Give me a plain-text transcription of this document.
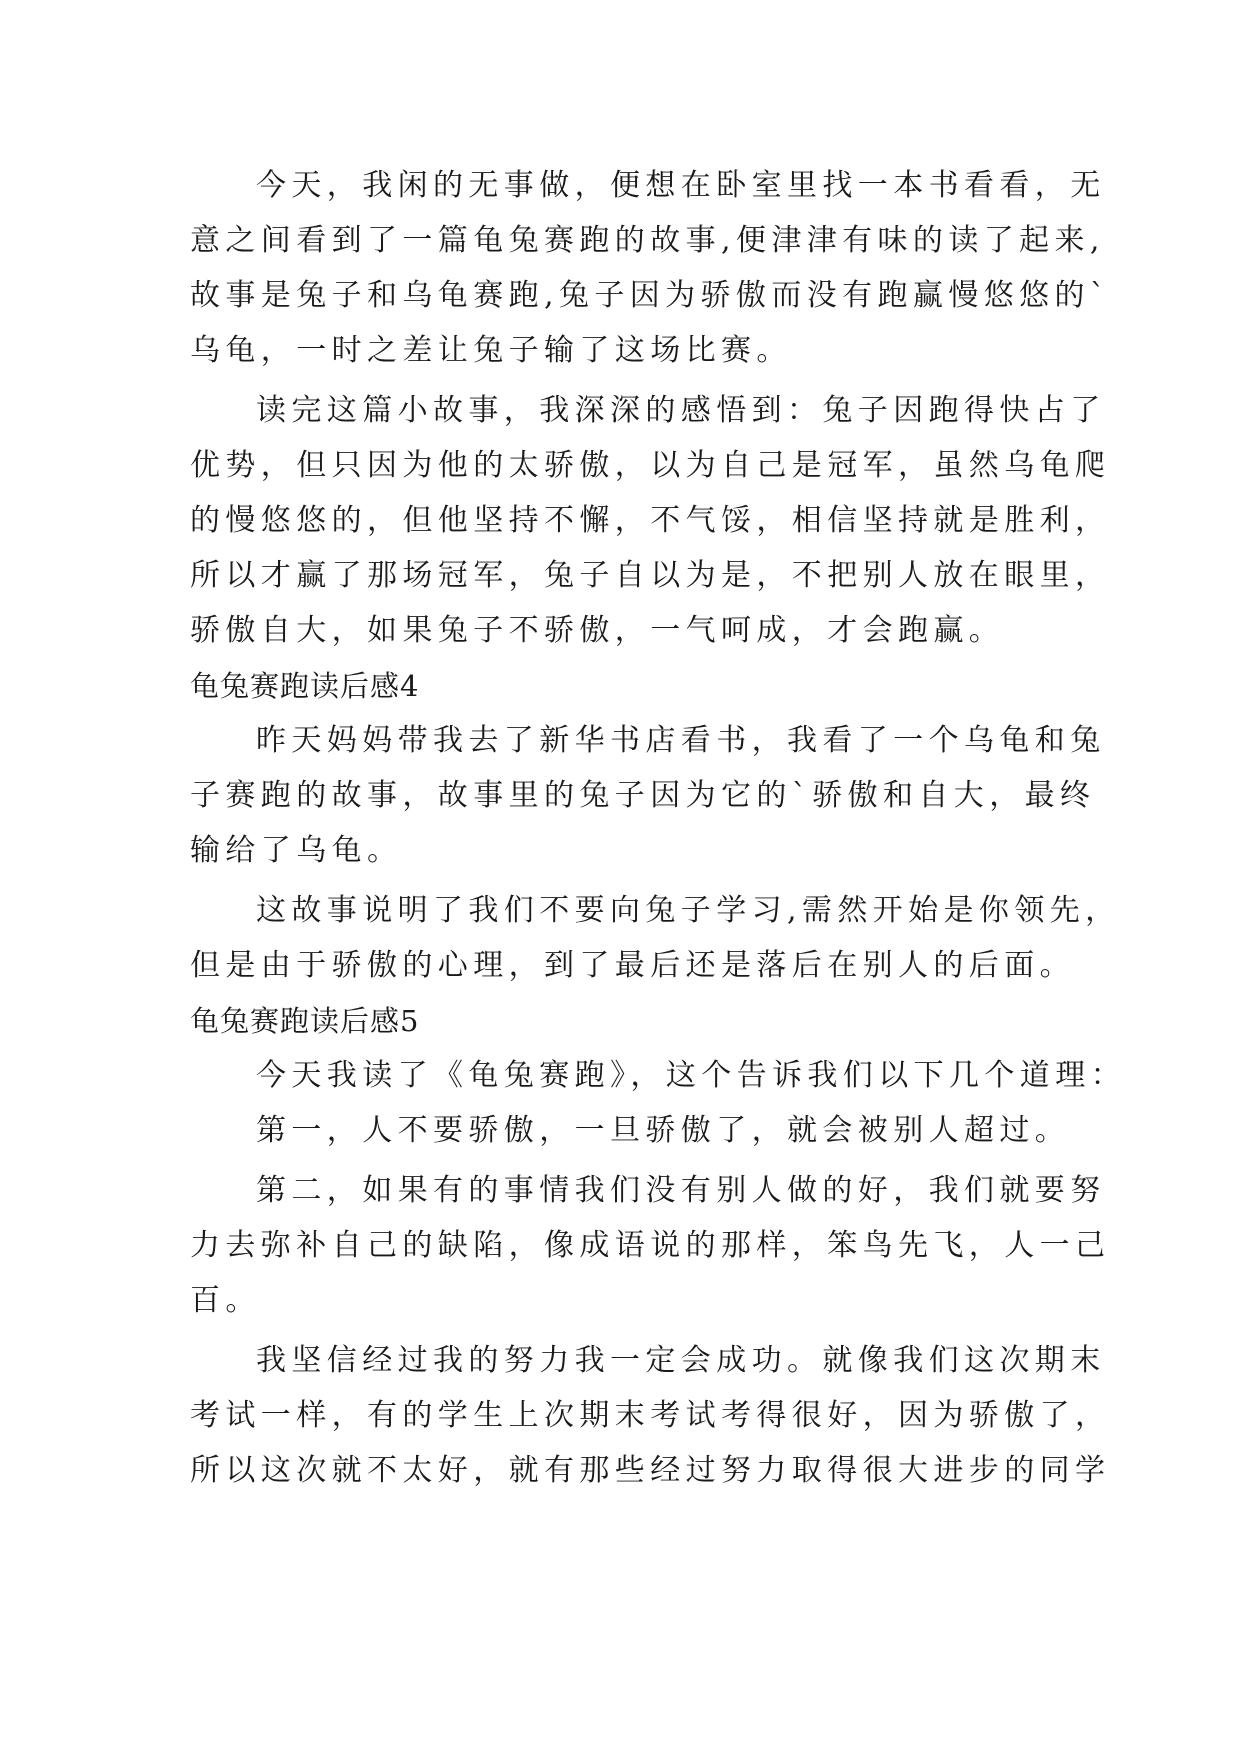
今天，我闲的无事做，便想在卧室里找一本书看看，无
意之间看到了一篇龟兔赛跑的故事,便津津有味的读了起来,
故事是兔子和乌龟赛跑,兔子因为骄傲而没有跑赢慢悠悠的`
乌龟，一时之差让兔子输了这场比赛。
读完这篇小故事，我深深的感悟到：兔子因跑得快占了
优势，但只因为他的太骄傲，以为自己是冠军，虽然乌龟爬
的慢悠悠的，但他坚持不懈，不气馁，相信坚持就是胜利，
所以才赢了那场冠军，兔子自以为是，不把别人放在眼里，
骄傲自大，如果兔子不骄傲，一气呵成，才会跑赢。
龟兔赛跑读后感4
昨天妈妈带我去了新华书店看书，我看了一个乌龟和兔
子赛跑的故事，故事里的兔子因为它的`骄傲和自大，最终
输给了乌龟。
这故事说明了我们不要向兔子学习,需然开始是你领先，
但是由于骄傲的心理，到了最后还是落后在别人的后面。
龟兔赛跑读后感5
今天我读了《龟兔赛跑》，这个告诉我们以下几个道理：
第一，人不要骄傲，一旦骄傲了，就会被别人超过。
第二，如果有的事情我们没有别人做的好，我们就要努
力去弥补自己的缺陷，像成语说的那样，笨鸟先飞，人一己
百。
我坚信经过我的努力我一定会成功。就像我们这次期末
考试一样，有的学生上次期末考试考得很好，因为骄傲了，
所以这次就不太好，就有那些经过努力取得很大进步的同学
